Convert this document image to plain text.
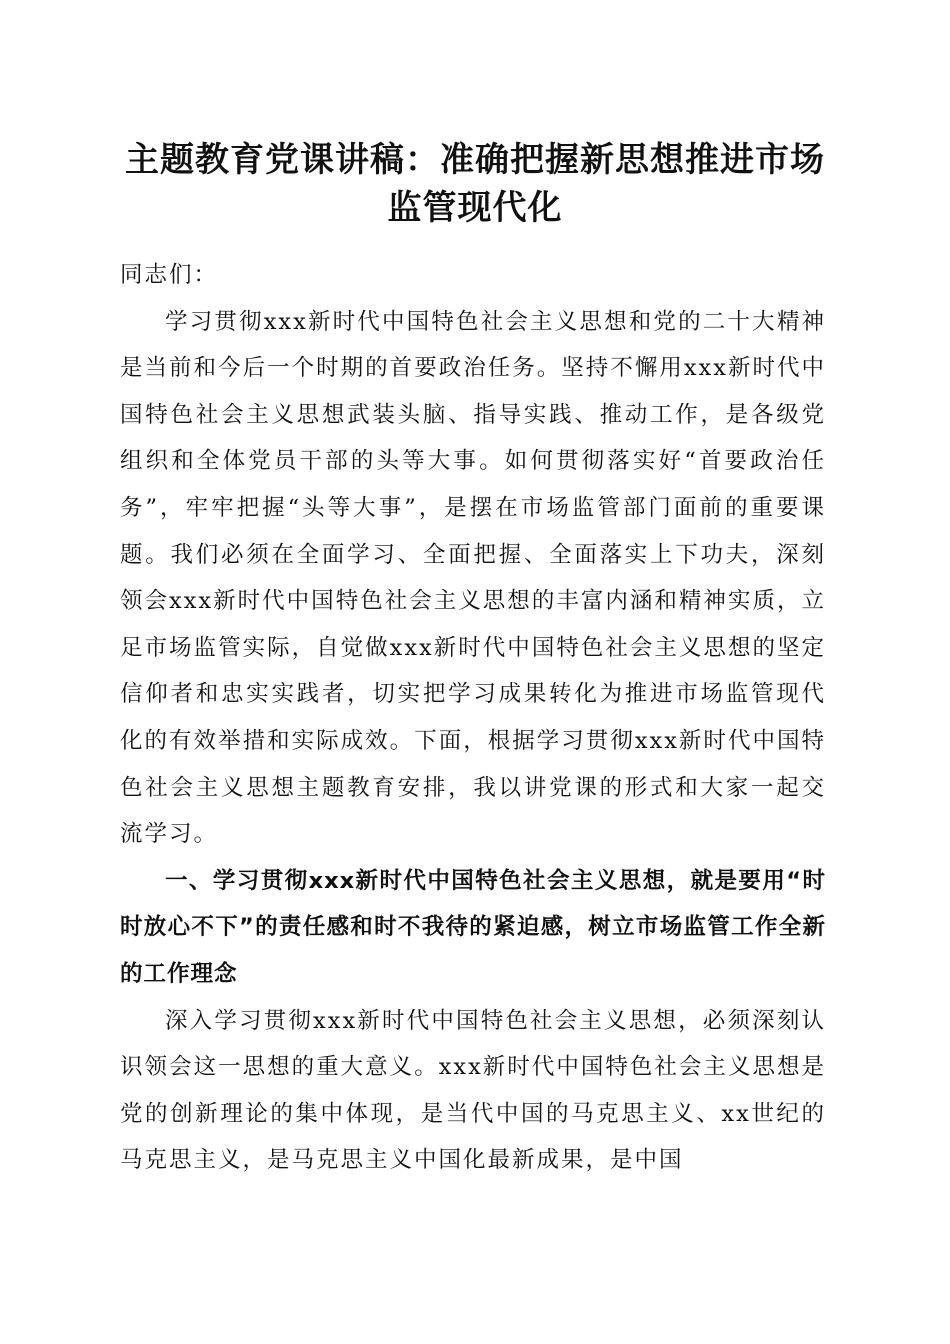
主题教育党课讲稿：准确把握新思想推进市场
监管现代化

同志们：

学习贯彻xxx新时代中国特色社会主义思想和党的二十大精神是当前和今后一个时期的首要政治任务。坚持不懈用xxx新时代中国特色社会主义思想武装头脑、指导实践、推动工作，是各级党组织和全体党员干部的头等大事。如何贯彻落实好“首要政治任务”，牢牢把握“头等大事”，是摆在市场监管部门面前的重要课题。我们必须在全面学习、全面把握、全面落实上下功夫，深刻领会xxx新时代中国特色社会主义思想的丰富内涵和精神实质，立足市场监管实际，自觉做xxx新时代中国特色社会主义思想的坚定信仰者和忠实实践者，切实把学习成果转化为推进市场监管现代化的有效举措和实际成效。下面，根据学习贯彻xxx新时代中国特色社会主义思想主题教育安排，我以讲党课的形式和大家一起交流学习。

一、学习贯彻xxx新时代中国特色社会主义思想，就是要用“时时放心不下”的责任感和时不我待的紧迫感，树立市场监管工作全新的工作理念

深入学习贯彻xxx新时代中国特色社会主义思想，必须深刻认识领会这一思想的重大意义。xxx新时代中国特色社会主义思想是党的创新理论的集中体现，是当代中国的马克思主义、xx世纪的马克思主义，是马克思主义中国化最新成果，是中国
